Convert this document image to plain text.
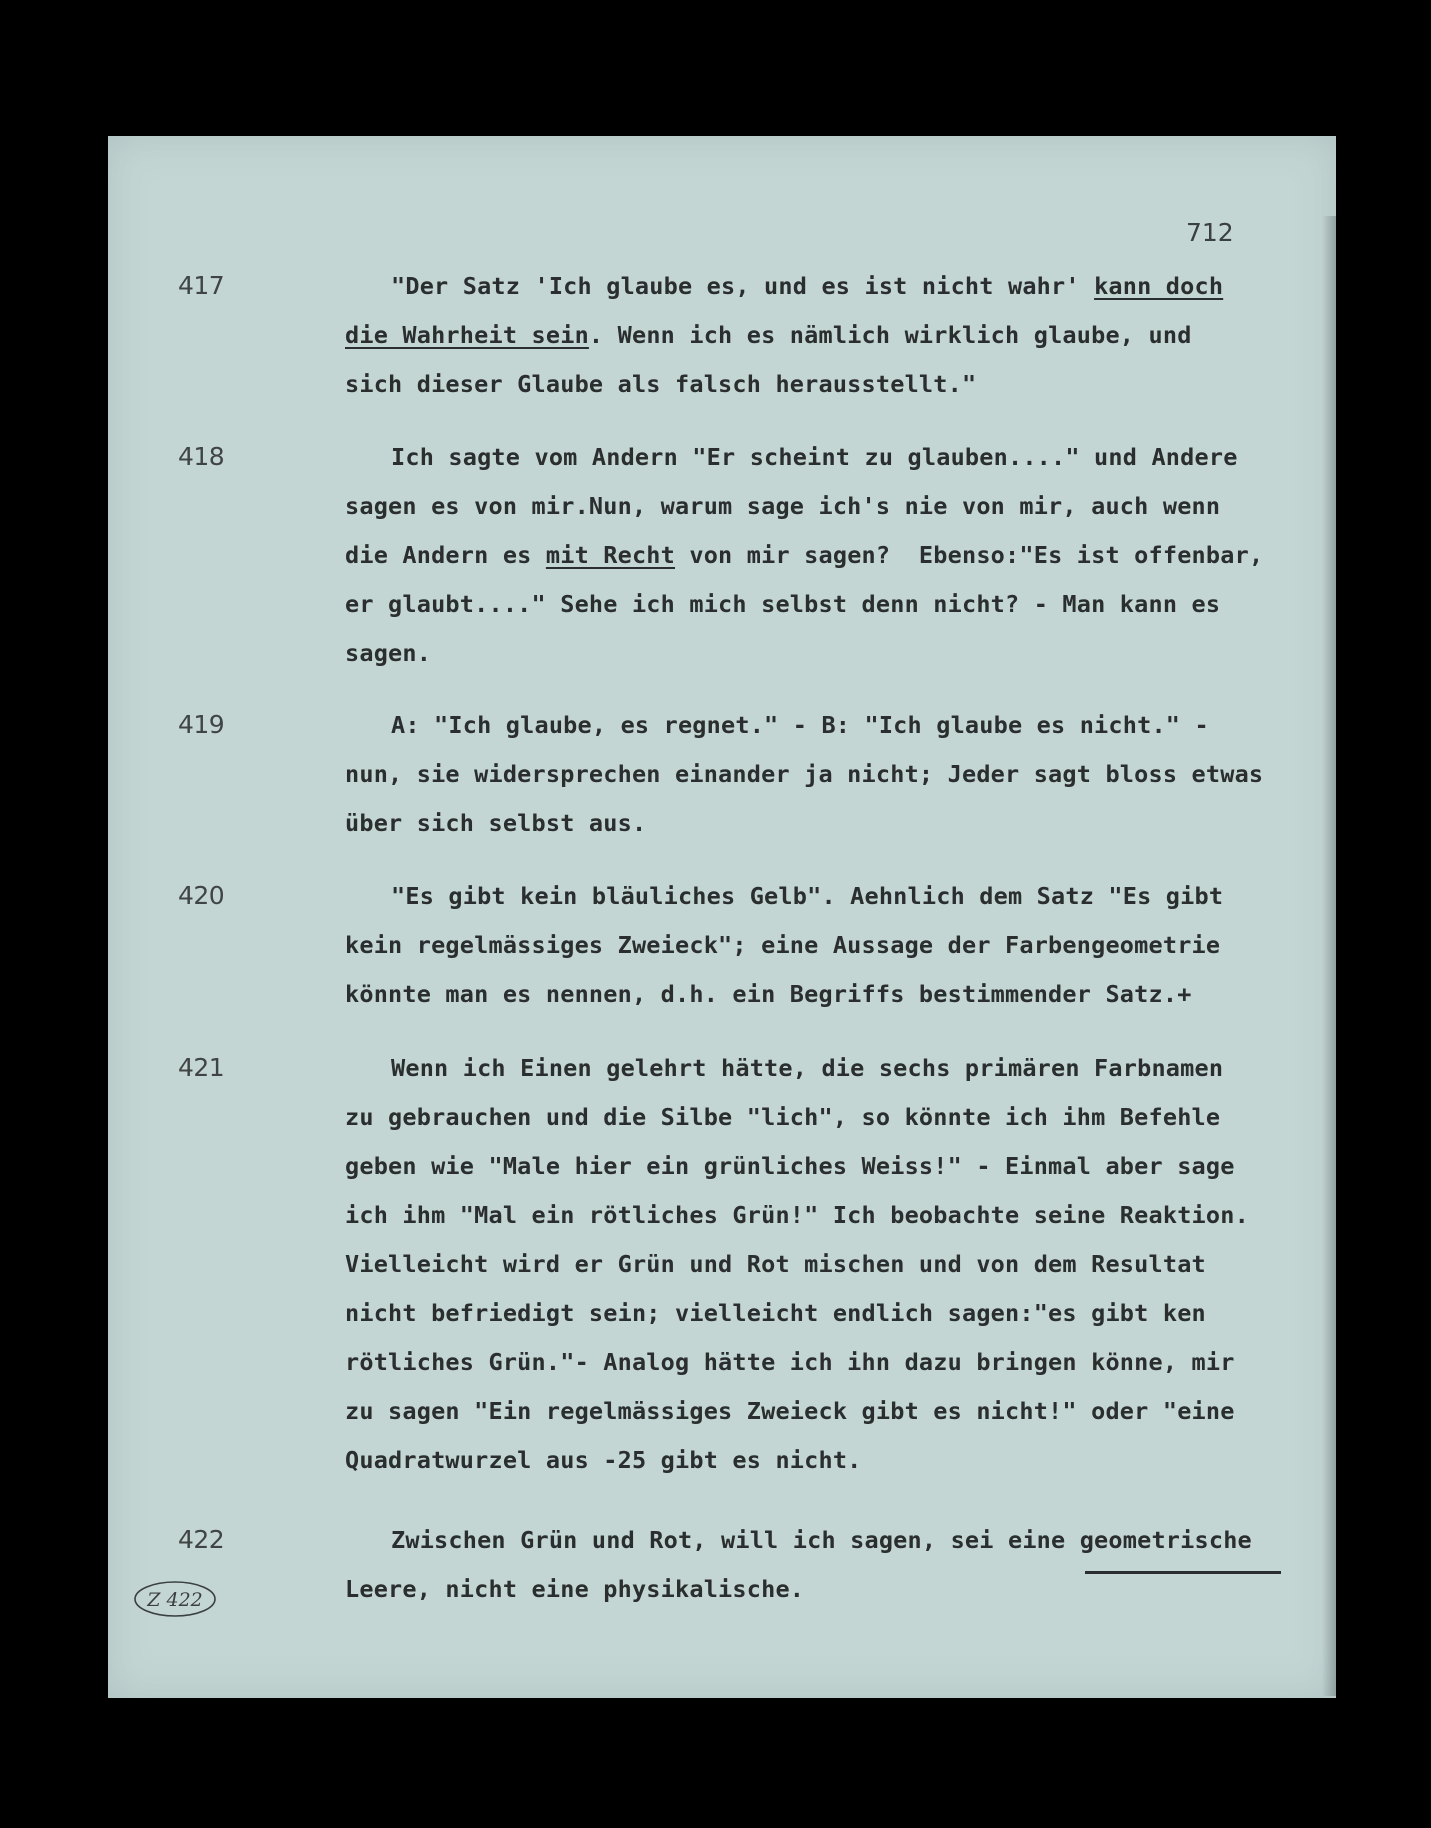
712
417	"Der Satz 'Ich glaube es, und es ist nicht wahr' kann doch
die Wahrheit sein. Wenn ich es nämlich wirklich glaube, und
sich dieser Glaube als falsch herausstellt."
418	Ich sagte vom Andern "Er scheint zu glauben...." und Andere
sagen es von mir.Nun, warum sage ich's nie von mir, auch wenn
die Andern es mit Recht von mir sagen?  Ebenso:"Es ist offenbar,
er glaubt...." Sehe ich mich selbst denn nicht? - Man kann es
sagen.
419	A: "Ich glaube, es regnet." - B: "Ich glaube es nicht." -
nun, sie widersprechen einander ja nicht; Jeder sagt bloss etwas
über sich selbst aus.
420	"Es gibt kein bläuliches Gelb". Aehnlich dem Satz "Es gibt
kein regelmässiges Zweieck"; eine Aussage der Farbengeometrie
könnte man es nennen, d.h. ein Begriffs bestimmender Satz.+
421	Wenn ich Einen gelehrt hätte, die sechs primären Farbnamen
zu gebrauchen und die Silbe "lich", so könnte ich ihm Befehle
geben wie "Male hier ein grünliches Weiss!" - Einmal aber sage
ich ihm "Mal ein rötliches Grün!" Ich beobachte seine Reaktion.
Vielleicht wird er Grün und Rot mischen und von dem Resultat
nicht befriedigt sein; vielleicht endlich sagen:"es gibt ken
rötliches Grün."- Analog hätte ich ihn dazu bringen könne, mir
zu sagen "Ein regelmässiges Zweieck gibt es nicht!" oder "eine
Quadratwurzel aus -25 gibt es nicht.
422	Zwischen Grün und Rot, will ich sagen, sei eine geometrische
Leere, nicht eine physikalische.
Z 422
